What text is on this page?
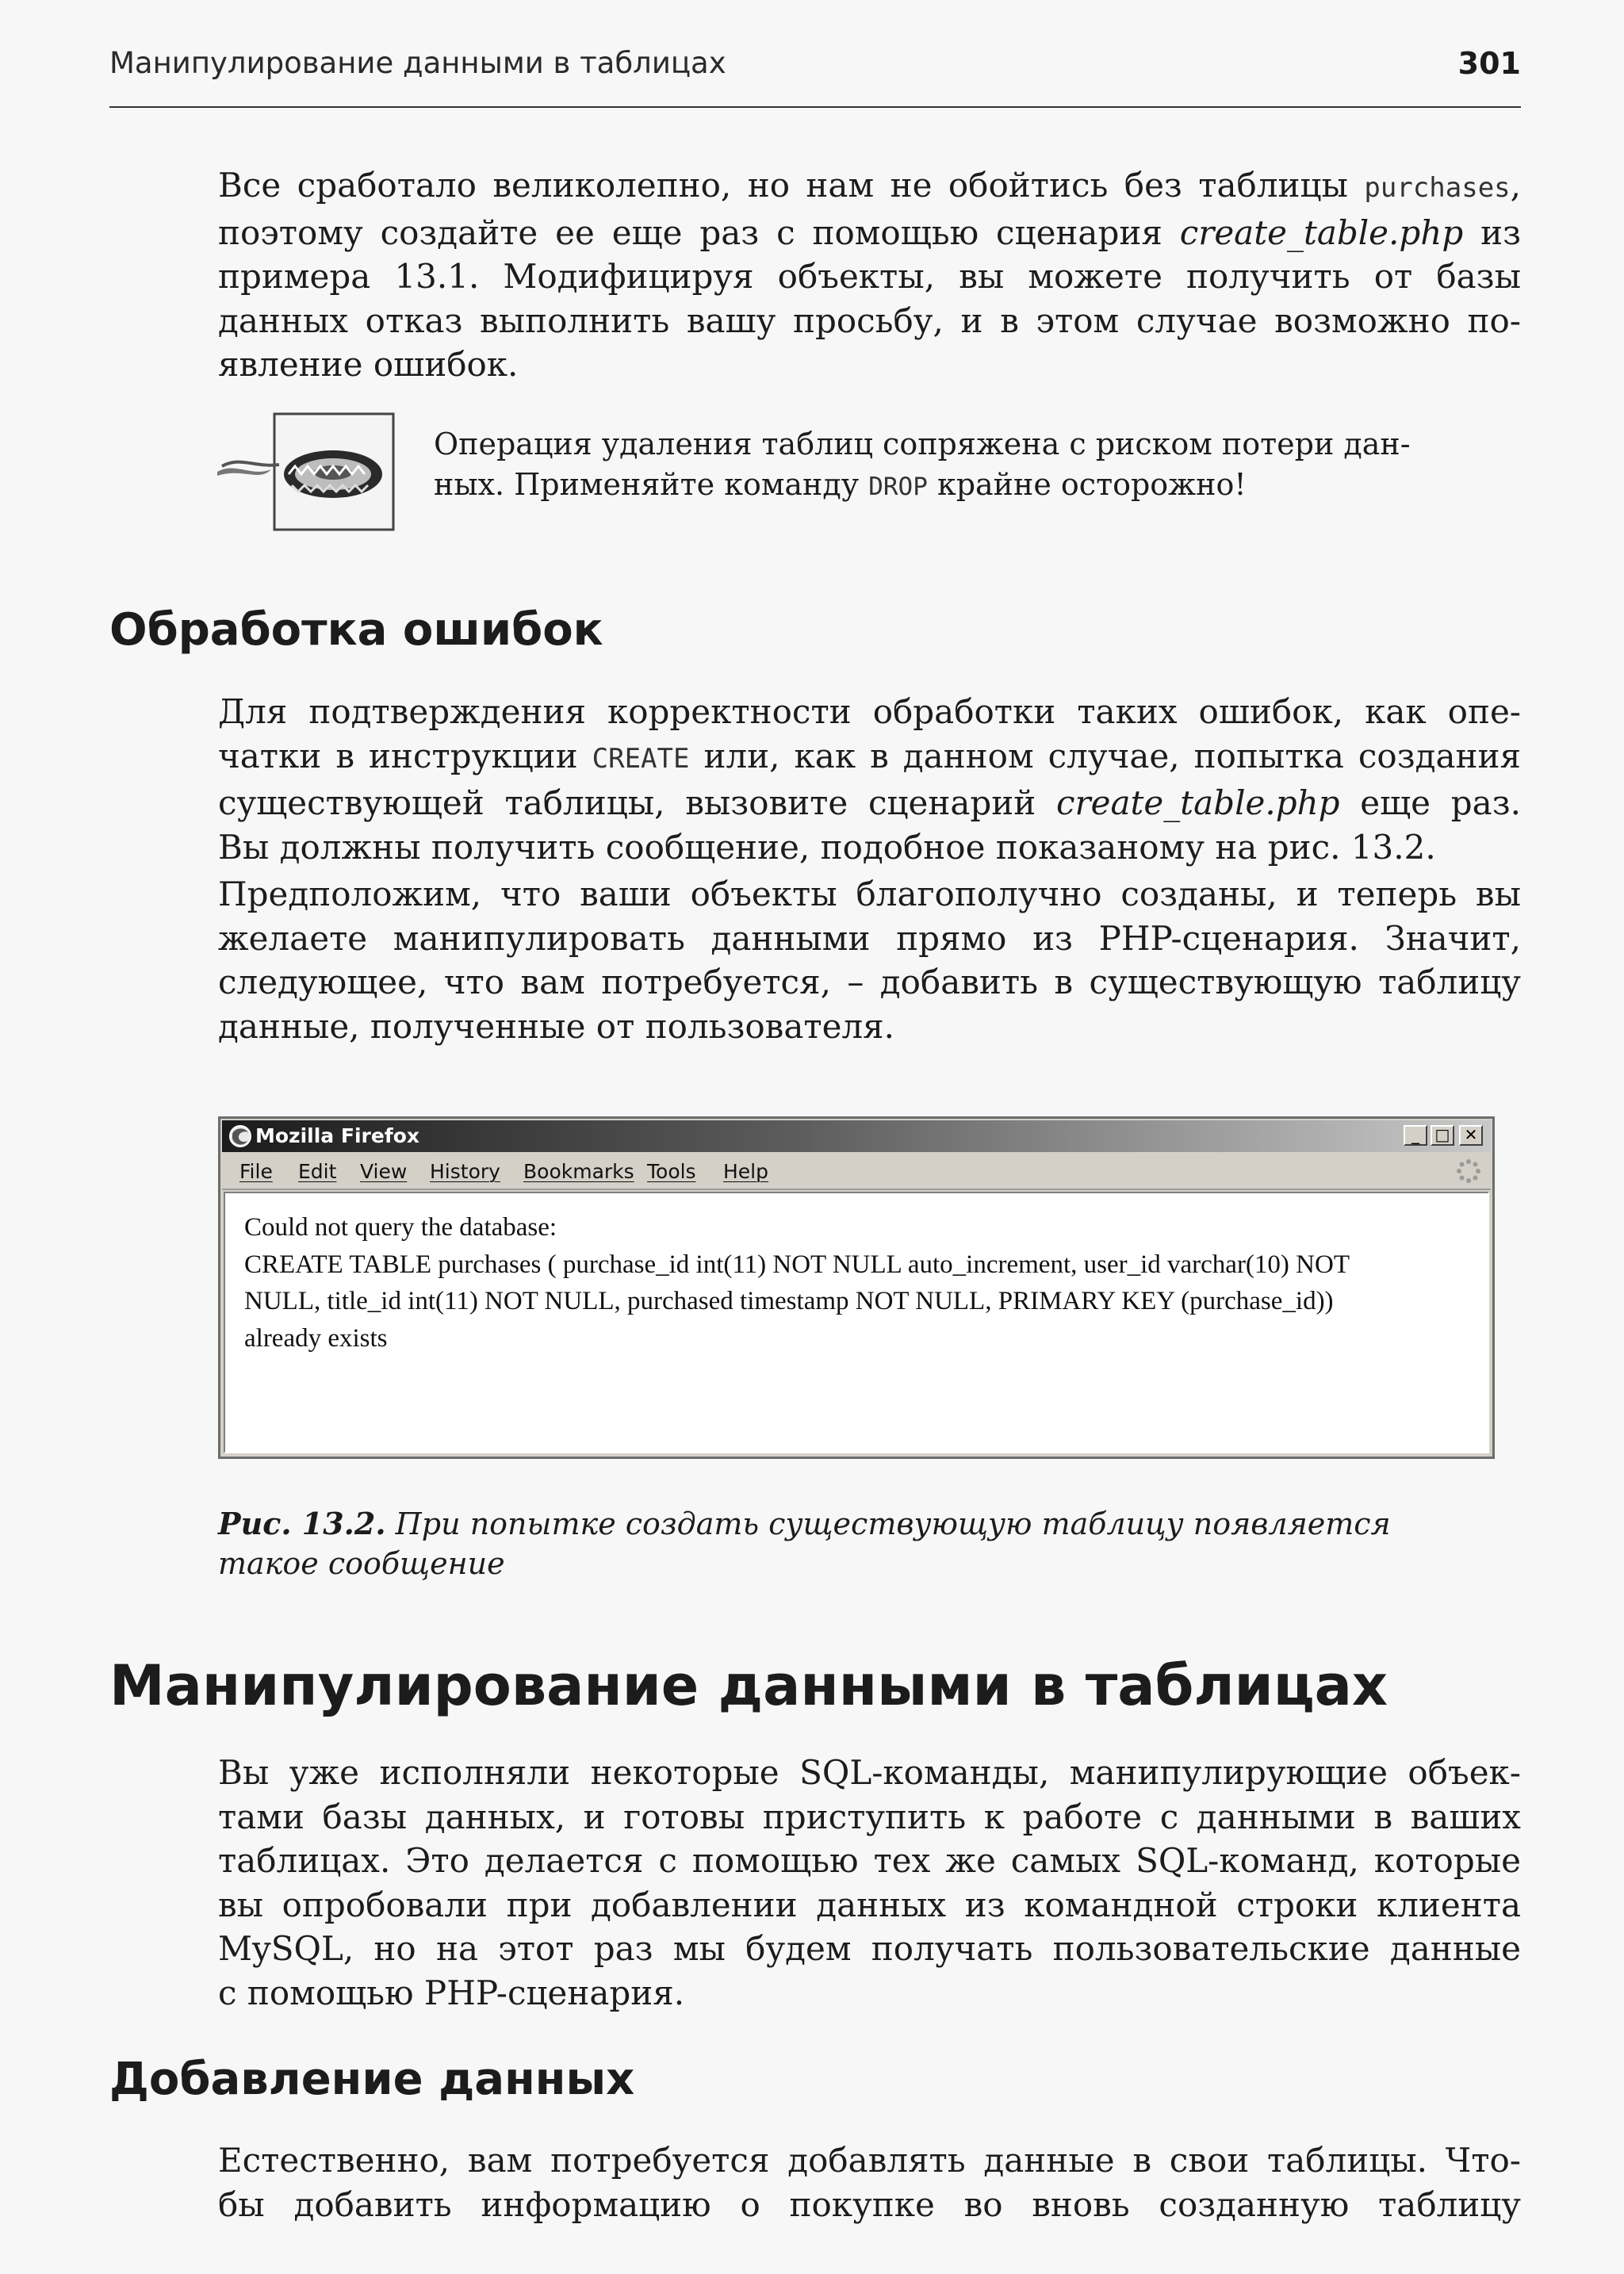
Манипулирование данными в таблицах	301

Все сработало великолепно, но нам не обойтись без таблицы purchases,
поэтому создайте ее еще раз с помощью сценария create_table.php из
примера 13.1. Модифицируя объекты, вы можете получить от базы
данных отказ выполнить вашу просьбу, и в этом случае возможно по-
явление ошибок.

Операция удаления таблиц сопряжена с риском потери дан-
ных. Применяйте команду DROP крайне осторожно!

Обработка ошибок

Для подтверждения корректности обработки таких ошибок, как опе-
чатки в инструкции CREATE или, как в данном случае, попытка создания
существующей таблицы, вызовите сценарий create_table.php еще раз.
Вы должны получить сообщение, подобное показаному на рис. 13.2.

Предположим, что ваши объекты благополучно созданы, и теперь вы
желаете манипулировать данными прямо из PHP-сценария. Значит,
следующее, что вам потребуется, – добавить в существующую таблицу
данные, полученные от пользователя.

Mozilla Firefox	_ □ ✕
File Edit View History Bookmarks Tools Help
Could not query the database:
CREATE TABLE purchases ( purchase_id int(11) NOT NULL auto_increment, user_id varchar(10) NOT
NULL, title_id int(11) NOT NULL, purchased timestamp NOT NULL, PRIMARY KEY (purchase_id))
already exists

Рис. 13.2. При попытке создать существующую таблицу появляется
такое сообщение

Манипулирование данными в таблицах

Вы уже исполняли некоторые SQL-команды, манипулирующие объек-
тами базы данных, и готовы приступить к работе с данными в ваших
таблицах. Это делается с помощью тех же самых SQL-команд, которые
вы опробовали при добавлении данных из командной строки клиента
MySQL, но на этот раз мы будем получать пользовательские данные
с помощью PHP-сценария.

Добавление данных

Естественно, вам потребуется добавлять данные в свои таблицы. Что-
бы добавить информацию о покупке во вновь созданную таблицу
